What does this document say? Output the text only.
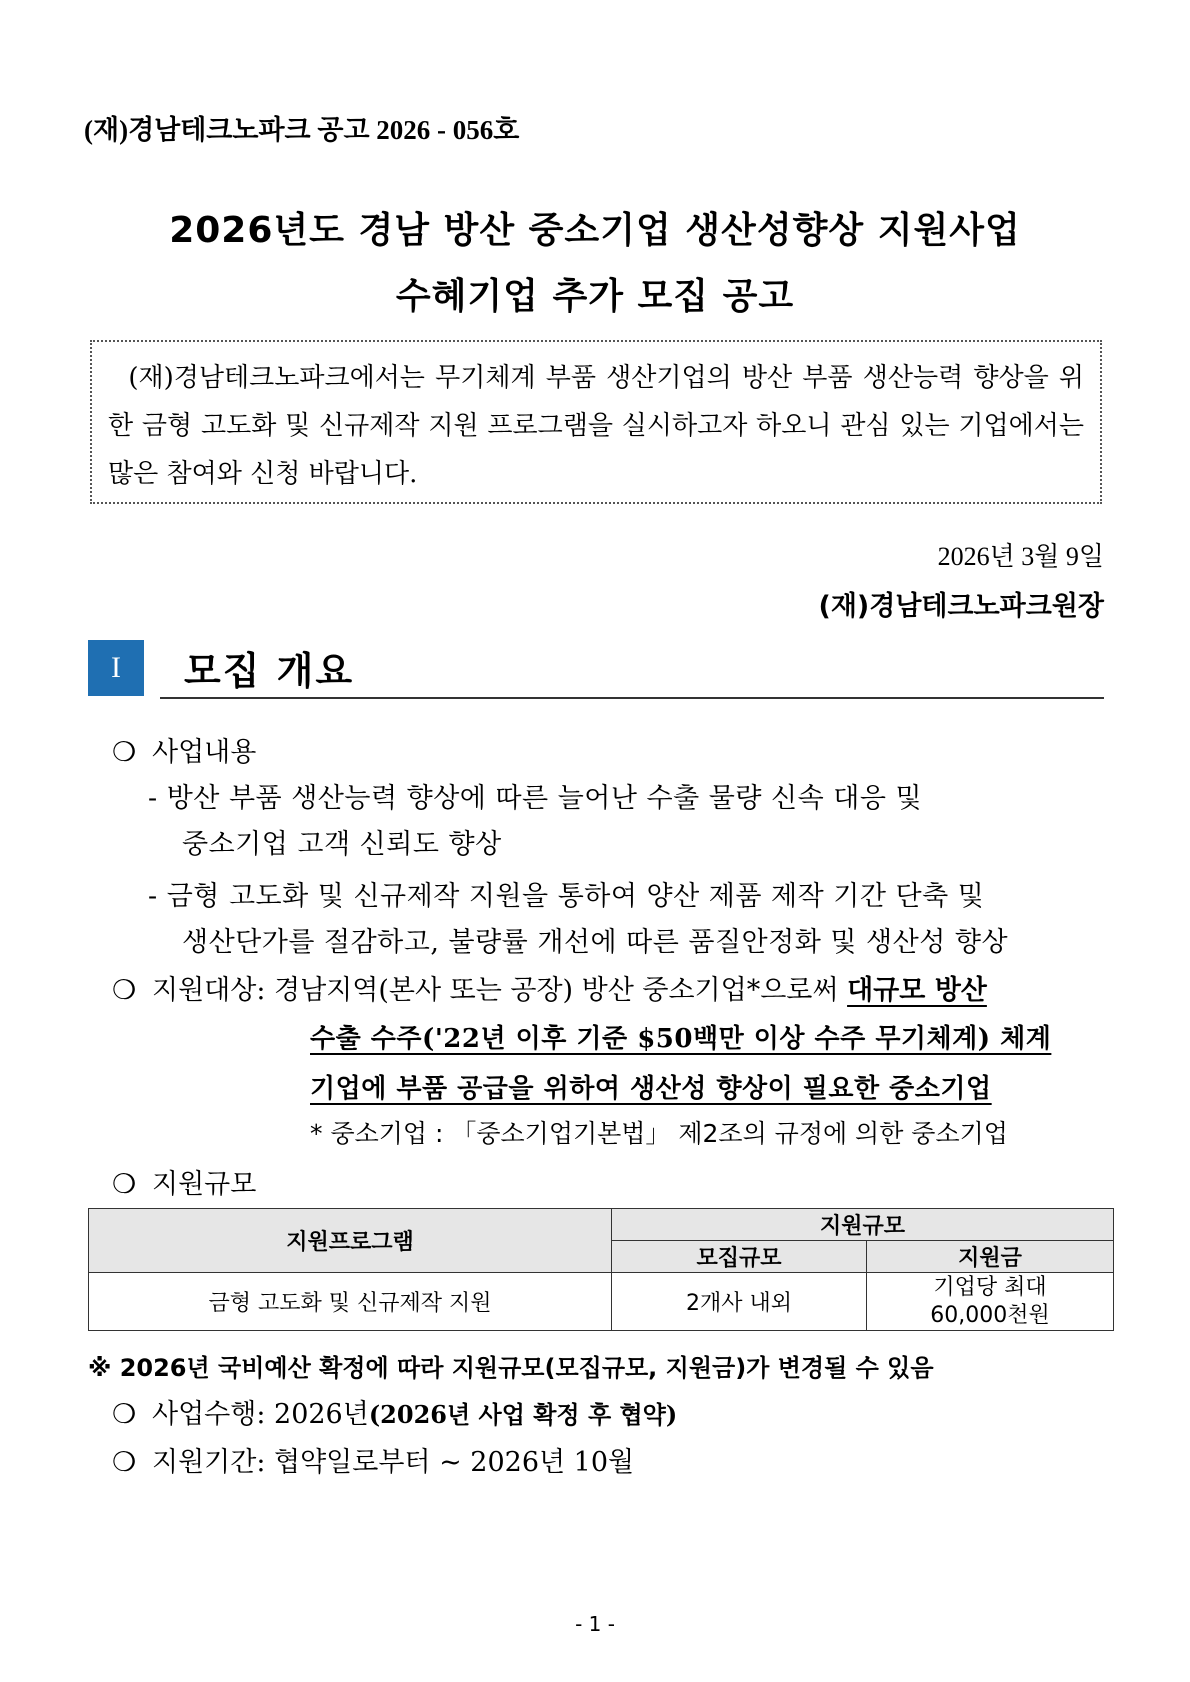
(재)경남테크노파크 공고 2026 - 056호
2026년도 경남 방산 중소기업 생산성향상 지원사업
수혜기업 추가 모집 공고

(재)경남테크노파크에서는 무기체계 부품 생산기업의 방산 부품 생산능력 향상을 위한 금형 고도화 및 신규제작 지원 프로그램을 실시하고자 하오니 관심 있는 기업에서는 많은 참여와 신청 바랍니다.

2026년 3월 9일
(재)경남테크노파크원장
I	모집 개요
❍ 사업내용
- 방산 부품 생산능력 향상에 따른 늘어난 수출 물량 신속 대응 및
중소기업 고객 신뢰도 향상
- 금형 고도화 및 신규제작 지원을 통하여 양산 제품 제작 기간 단축 및
생산단가를 절감하고, 불량률 개선에 따른 품질안정화 및 생산성 향상
❍ 지원대상: 경남지역(본사 또는 공장) 방산 중소기업*으로써 대규모 방산
수출 수주('22년 이후 기준 $50백만 이상 수주 무기체계) 체계
기업에 부품 공급을 위하여 생산성 향상이 필요한 중소기업
* 중소기업 : 「중소기업기본법」 제2조의 규정에 의한 중소기업
❍ 지원규모
지원프로그램	지원규모	
	모집규모	지원금
금형 고도화 및 신규제작 지원	2개사 내외	기업당 최대
60,000천원
※ 2026년 국비예산 확정에 따라 지원규모(모집규모, 지원금)가 변경될 수 있음
❍ 사업수행: 2026년(2026년 사업 확정 후 협약)
❍ 지원기간: 협약일로부터 ~ 2026년 10월
- 1 -
